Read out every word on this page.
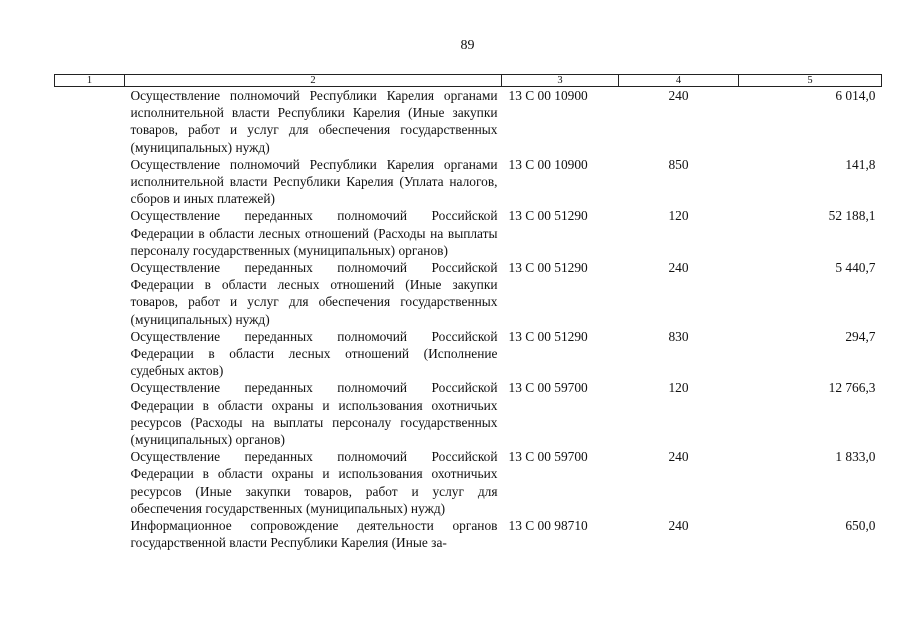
89
1	2	3	4	5
	Осуществление полномочий Республики Карелия органами исполнительной власти Республики Карелия (Иные закупки товаров, работ и услуг для обеспечения государственных (муниципальных) нужд)	13 С 00 10900	240	6 014,0
	Осуществление полномочий Республики Карелия органами исполнительной власти Республики Карелия (Уплата налогов, сборов и иных платежей)	13 С 00 10900	850	141,8
	Осуществление переданных полномочий Российской Федерации в области лесных отношений (Расходы на выплаты персоналу государственных (муниципальных) органов)	13 С 00 51290	120	52 188,1
	Осуществление переданных полномочий Российской Федерации в области лесных отношений (Иные закупки товаров, работ и услуг для обеспечения государственных (муниципальных) нужд)	13 С 00 51290	240	5 440,7
	Осуществление переданных полномочий Российской Федерации в области лесных отношений (Исполнение судебных актов)	13 С 00 51290	830	294,7
	Осуществление переданных полномочий Российской Федерации в области охраны и использования охотничьих ресурсов (Расходы на выплаты персоналу государственных (муниципальных) органов)	13 С 00 59700	120	12 766,3
	Осуществление переданных полномочий Российской Федерации в области охраны и использования охотничьих ресурсов (Иные закупки товаров, работ и услуг для обеспечения государственных (муниципальных) нужд)	13 С 00 59700	240	1 833,0
	Информационное сопровождение деятельности органов государственной власти Республики Карелия (Иные за-	13 С 00 98710	240	650,0
